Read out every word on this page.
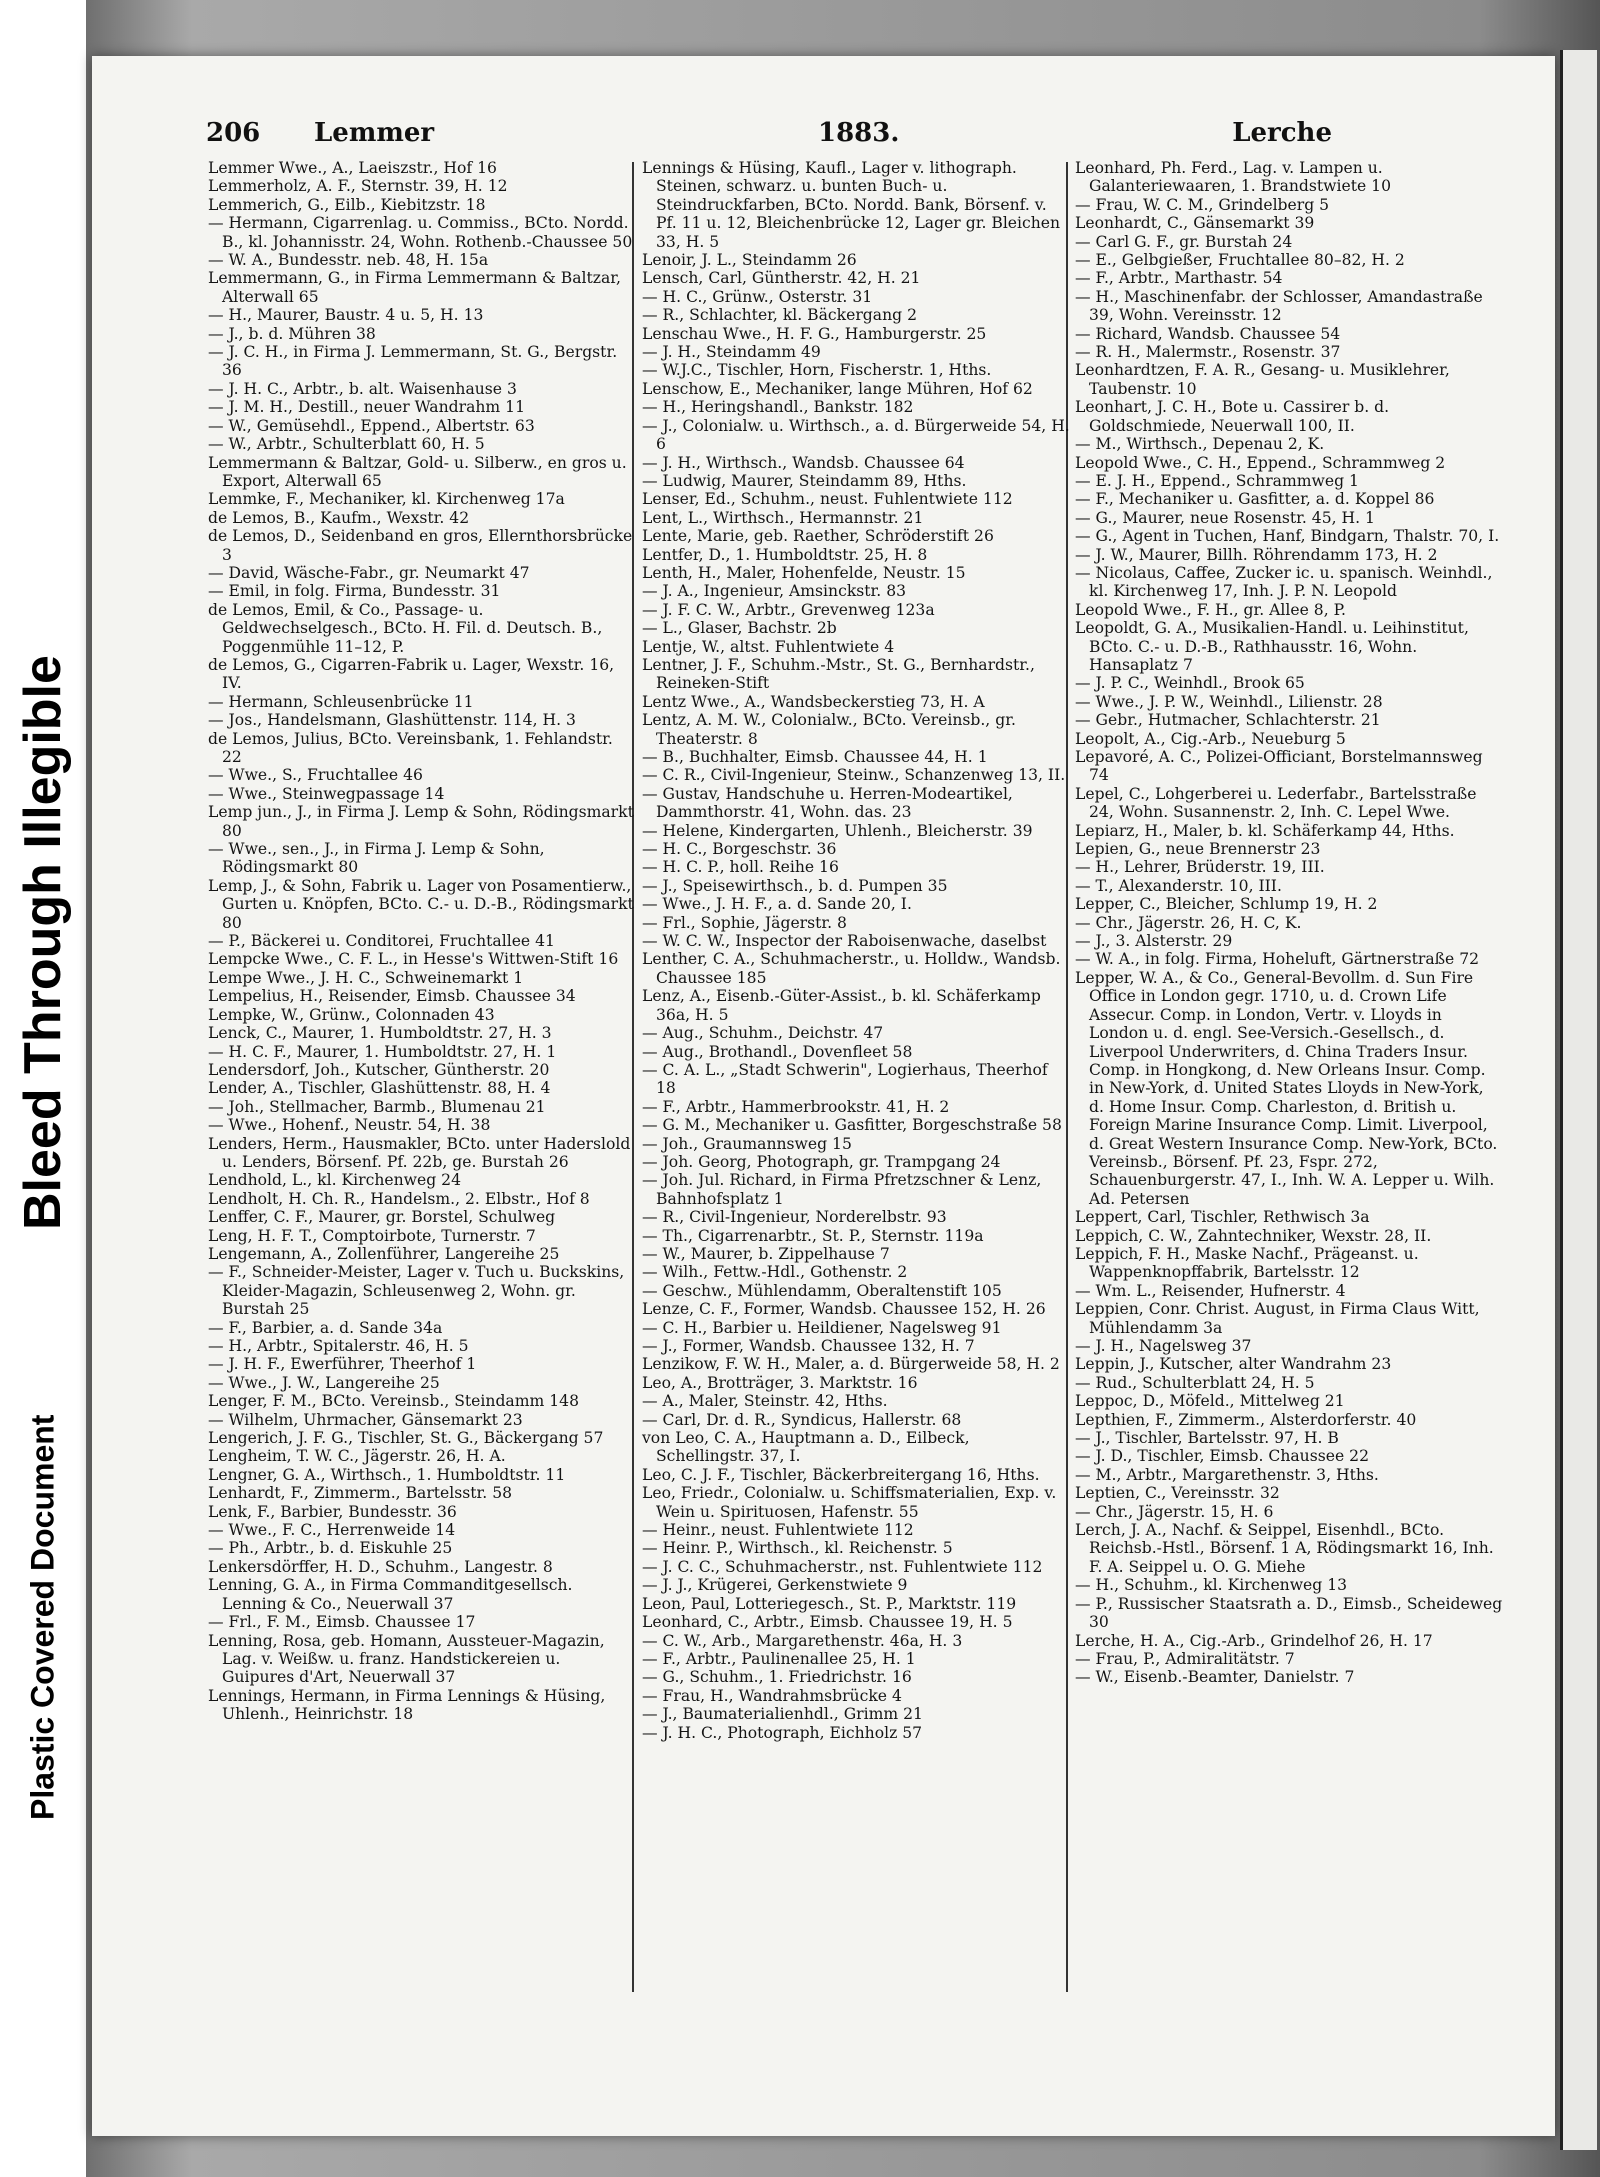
Plastic Covered Document
Bleed Through Illegible
206 Lemmer	1883.	Lerche
Lemmer Wwe., A., Laeiszstr., Hof 16
Lemmerholz, A. F., Sternstr. 39, H. 12
Lemmerich, G., Eilb., Kiebitzstr. 18
— Hermann, Cigarrenlag. u. Commiss., BCto. Nordd. B., kl. Johannisstr. 24, Wohn. Rothenb.-Chaussee 50
— W. A., Bundesstr. neb. 48, H. 15a
Lemmermann, G., in Firma Lemmermann & Baltzar, Alterwall 65
— H., Maurer, Baustr. 4 u. 5, H. 13
— J., b. d. Mühren 38
— J. C. H., in Firma J. Lemmermann, St. G., Bergstr. 36
— J. H. C., Arbtr., b. alt. Waisenhause 3
— J. M. H., Destill., neuer Wandrahm 11
— W., Gemüsehdl., Eppend., Albertstr. 63
— W., Arbtr., Schulterblatt 60, H. 5
Lemmermann & Baltzar, Gold- u. Silberw., en gros u. Export, Alterwall 65
Lemmke, F., Mechaniker, kl. Kirchenweg 17a
de Lemos, B., Kaufm., Wexstr. 42
de Lemos, D., Seidenband en gros, Ellernthorsbrücke 3
— David, Wäsche-Fabr., gr. Neumarkt 47
— Emil, in folg. Firma, Bundesstr. 31
de Lemos, Emil, & Co., Passage- u. Geldwechselgesch., BCto. H. Fil. d. Deutsch. B., Poggenmühle 11–12, P.
de Lemos, G., Cigarren-Fabrik u. Lager, Wexstr. 16, IV.
— Hermann, Schleusenbrücke 11
— Jos., Handelsmann, Glashüttenstr. 114, H. 3
de Lemos, Julius, BCto. Vereinsbank, 1. Fehlandstr. 22
— Wwe., S., Fruchtallee 46
— Wwe., Steinwegpassage 14
Lemp jun., J., in Firma J. Lemp & Sohn, Rödingsmarkt 80
— Wwe., sen., J., in Firma J. Lemp & Sohn, Rödingsmarkt 80
Lemp, J., & Sohn, Fabrik u. Lager von Posamentierw., Gurten u. Knöpfen, BCto. C.- u. D.-B., Rödingsmarkt 80
— P., Bäckerei u. Conditorei, Fruchtallee 41
Lempcke Wwe., C. F. L., in Hesse's Wittwen-Stift 16
Lempe Wwe., J. H. C., Schweinemarkt 1
Lempelius, H., Reisender, Eimsb. Chaussee 34
Lempke, W., Grünw., Colonnaden 43
Lenck, C., Maurer, 1. Humboldtstr. 27, H. 3
— H. C. F., Maurer, 1. Humboldtstr. 27, H. 1
Lendersdorf, Joh., Kutscher, Güntherstr. 20
Lender, A., Tischler, Glashüttenstr. 88, H. 4
— Joh., Stellmacher, Barmb., Blumenau 21
— Wwe., Hohenf., Neustr. 54, H. 38
Lenders, Herm., Hausmakler, BCto. unter Haderslold u. Lenders, Börsenf. Pf. 22b, ge. Burstah 26
Lendhold, L., kl. Kirchenweg 24
Lendholt, H. Ch. R., Handelsm., 2. Elbstr., Hof 8
Lenffer, C. F., Maurer, gr. Borstel, Schulweg
Leng, H. F. T., Comptoirbote, Turnerstr. 7
Lengemann, A., Zollenführer, Langereihe 25
— F., Schneider-Meister, Lager v. Tuch u. Buckskins, Kleider-Magazin, Schleusenweg 2, Wohn. gr. Burstah 25
— F., Barbier, a. d. Sande 34a
— H., Arbtr., Spitalerstr. 46, H. 5
— J. H. F., Ewerführer, Theerhof 1
— Wwe., J. W., Langereihe 25
Lenger, F. M., BCto. Vereinsb., Steindamm 148
— Wilhelm, Uhrmacher, Gänsemarkt 23
Lengerich, J. F. G., Tischler, St. G., Bäckergang 57
Lengheim, T. W. C., Jägerstr. 26, H. A.
Lengner, G. A., Wirthsch., 1. Humboldtstr. 11
Lenhardt, F., Zimmerm., Bartelsstr. 58
Lenk, F., Barbier, Bundesstr. 36
— Wwe., F. C., Herrenweide 14
— Ph., Arbtr., b. d. Eiskuhle 25
Lenkersdörffer, H. D., Schuhm., Langestr. 8
Lenning, G. A., in Firma Commanditgesellsch. Lenning & Co., Neuerwall 37
— Frl., F. M., Eimsb. Chaussee 17
Lenning, Rosa, geb. Homann, Aussteuer-Magazin, Lag. v. Weißw. u. franz. Handstickereien u. Guipures d'Art, Neuerwall 37
Lennings, Hermann, in Firma Lennings & Hüsing, Uhlenh., Heinrichstr. 18
Lennings & Hüsing, Kaufl., Lager v. lithograph. Steinen, schwarz. u. bunten Buch- u. Steindruckfarben, BCto. Nordd. Bank, Börsenf. v. Pf. 11 u. 12, Bleichenbrücke 12, Lager gr. Bleichen 33, H. 5
Lenoir, J. L., Steindamm 26
Lensch, Carl, Güntherstr. 42, H. 21
— H. C., Grünw., Osterstr. 31
— R., Schlachter, kl. Bäckergang 2
Lenschau Wwe., H. F. G., Hamburgerstr. 25
— J. H., Steindamm 49
— W.J.C., Tischler, Horn, Fischerstr. 1, Hths.
Lenschow, E., Mechaniker, lange Mühren, Hof 62
— H., Heringshandl., Bankstr. 182
— J., Colonialw. u. Wirthsch., a. d. Bürgerweide 54, H. 6
— J. H., Wirthsch., Wandsb. Chaussee 64
— Ludwig, Maurer, Steindamm 89, Hths.
Lenser, Ed., Schuhm., neust. Fuhlentwiete 112
Lent, L., Wirthsch., Hermannstr. 21
Lente, Marie, geb. Raether, Schröderstift 26
Lentfer, D., 1. Humboldtstr. 25, H. 8
Lenth, H., Maler, Hohenfelde, Neustr. 15
— J. A., Ingenieur, Amsinckstr. 83
— J. F. C. W., Arbtr., Grevenweg 123a
— L., Glaser, Bachstr. 2b
Lentje, W., altst. Fuhlentwiete 4
Lentner, J. F., Schuhm.-Mstr., St. G., Bernhardstr., Reineken-Stift
Lentz Wwe., A., Wandsbeckerstieg 73, H. A
Lentz, A. M. W., Colonialw., BCto. Vereinsb., gr. Theaterstr. 8
— B., Buchhalter, Eimsb. Chaussee 44, H. 1
— C. R., Civil-Ingenieur, Steinw., Schanzenweg 13, II.
— Gustav, Handschuhe u. Herren-Modeartikel, Dammthorstr. 41, Wohn. das. 23
— Helene, Kindergarten, Uhlenh., Bleicherstr. 39
— H. C., Borgeschstr. 36
— H. C. P., holl. Reihe 16
— J., Speisewirthsch., b. d. Pumpen 35
— Wwe., J. H. F., a. d. Sande 20, I.
— Frl., Sophie, Jägerstr. 8
— W. C. W., Inspector der Raboisenwache, daselbst
Lenther, C. A., Schuhmacherstr., u. Holldw., Wandsb. Chaussee 185
Lenz, A., Eisenb.-Güter-Assist., b. kl. Schäferkamp 36a, H. 5
— Aug., Schuhm., Deichstr. 47
— Aug., Brothandl., Dovenfleet 58
— C. A. L., „Stadt Schwerin", Logierhaus, Theerhof 18
— F., Arbtr., Hammerbrookstr. 41, H. 2
— G. M., Mechaniker u. Gasfitter, Borgeschstraße 58
— Joh., Graumannsweg 15
— Joh. Georg, Photograph, gr. Trampgang 24
— Joh. Jul. Richard, in Firma Pfretzschner & Lenz, Bahnhofsplatz 1
— R., Civil-Ingenieur, Norderelbstr. 93
— Th., Cigarrenarbtr., St. P., Sternstr. 119a
— W., Maurer, b. Zippelhause 7
— Wilh., Fettw.-Hdl., Gothenstr. 2
— Geschw., Mühlendamm, Oberaltenstift 105
Lenze, C. F., Former, Wandsb. Chaussee 152, H. 26
— C. H., Barbier u. Heildiener, Nagelsweg 91
— J., Former, Wandsb. Chaussee 132, H. 7
Lenzikow, F. W. H., Maler, a. d. Bürgerweide 58, H. 2
Leo, A., Brotträger, 3. Marktstr. 16
— A., Maler, Steinstr. 42, Hths.
— Carl, Dr. d. R., Syndicus, Hallerstr. 68
von Leo, C. A., Hauptmann a. D., Eilbeck, Schellingstr. 37, I.
Leo, C. J. F., Tischler, Bäckerbreitergang 16, Hths.
Leo, Friedr., Colonialw. u. Schiffsmaterialien, Exp. v. Wein u. Spirituosen, Hafenstr. 55
— Heinr., neust. Fuhlentwiete 112
— Heinr. P., Wirthsch., kl. Reichenstr. 5
— J. C. C., Schuhmacherstr., nst. Fuhlentwiete 112
— J. J., Krügerei, Gerkenstwiete 9
Leon, Paul, Lotteriegesch., St. P., Marktstr. 119
Leonhard, C., Arbtr., Eimsb. Chaussee 19, H. 5
— C. W., Arb., Margarethenstr. 46a, H. 3
— F., Arbtr., Paulinenallee 25, H. 1
— G., Schuhm., 1. Friedrichstr. 16
— Frau, H., Wandrahmsbrücke 4
— J., Baumaterialienhdl., Grimm 21
— J. H. C., Photograph, Eichholz 57
Leonhard, Ph. Ferd., Lag. v. Lampen u. Galanteriewaaren, 1. Brandstwiete 10
— Frau, W. C. M., Grindelberg 5
Leonhardt, C., Gänsemarkt 39
— Carl G. F., gr. Burstah 24
— E., Gelbgießer, Fruchtallee 80–82, H. 2
— F., Arbtr., Marthastr. 54
— H., Maschinenfabr. der Schlosser, Amandastraße 39, Wohn. Vereinsstr. 12
— Richard, Wandsb. Chaussee 54
— R. H., Malermstr., Rosenstr. 37
Leonhardtzen, F. A. R., Gesang- u. Musiklehrer, Taubenstr. 10
Leonhart, J. C. H., Bote u. Cassirer b. d. Goldschmiede, Neuerwall 100, II.
— M., Wirthsch., Depenau 2, K.
Leopold Wwe., C. H., Eppend., Schrammweg 2
— E. J. H., Eppend., Schrammweg 1
— F., Mechaniker u. Gasfitter, a. d. Koppel 86
— G., Maurer, neue Rosenstr. 45, H. 1
— G., Agent in Tuchen, Hanf, Bindgarn, Thalstr. 70, I.
— J. W., Maurer, Billh. Röhrendamm 173, H. 2
— Nicolaus, Caffee, Zucker ic. u. spanisch. Weinhdl., kl. Kirchenweg 17, Inh. J. P. N. Leopold
Leopold Wwe., F. H., gr. Allee 8, P.
Leopoldt, G. A., Musikalien-Handl. u. Leihinstitut, BCto. C.- u. D.-B., Rathhausstr. 16, Wohn. Hansaplatz 7
— J. P. C., Weinhdl., Brook 65
— Wwe., J. P. W., Weinhdl., Lilienstr. 28
— Gebr., Hutmacher, Schlachterstr. 21
Leopolt, A., Cig.-Arb., Neueburg 5
Lepavoré, A. C., Polizei-Officiant, Borstelmannsweg 74
Lepel, C., Lohgerberei u. Lederfabr., Bartelsstraße 24, Wohn. Susannenstr. 2, Inh. C. Lepel Wwe.
Lepiarz, H., Maler, b. kl. Schäferkamp 44, Hths.
Lepien, G., neue Brennerstr 23
— H., Lehrer, Brüderstr. 19, III.
— T., Alexanderstr. 10, III.
Lepper, C., Bleicher, Schlump 19, H. 2
— Chr., Jägerstr. 26, H. C, K.
— J., 3. Alsterstr. 29
— W. A., in folg. Firma, Hoheluft, Gärtnerstraße 72
Lepper, W. A., & Co., General-Bevollm. d. Sun Fire Office in London gegr. 1710, u. d. Crown Life Assecur. Comp. in London, Vertr. v. Lloyds in London u. d. engl. See-Versich.-Gesellsch., d. Liverpool Underwriters, d. China Traders Insur. Comp. in Hongkong, d. New Orleans Insur. Comp. in New-York, d. United States Lloyds in New-York, d. Home Insur. Comp. Charleston, d. British u. Foreign Marine Insurance Comp. Limit. Liverpool, d. Great Western Insurance Comp. New-York, BCto. Vereinsb., Börsenf. Pf. 23, Fspr. 272, Schauenburgerstr. 47, I., Inh. W. A. Lepper u. Wilh. Ad. Petersen
Leppert, Carl, Tischler, Rethwisch 3a
Leppich, C. W., Zahntechniker, Wexstr. 28, II.
Leppich, F. H., Maske Nachf., Prägeanst. u. Wappenknopffabrik, Bartelsstr. 12
— Wm. L., Reisender, Hufnerstr. 4
Leppien, Conr. Christ. August, in Firma Claus Witt, Mühlendamm 3a
— J. H., Nagelsweg 37
Leppin, J., Kutscher, alter Wandrahm 23
— Rud., Schulterblatt 24, H. 5
Leppoc, D., Möfeld., Mittelweg 21
Lepthien, F., Zimmerm., Alsterdorferstr. 40
— J., Tischler, Bartelsstr. 97, H. B
— J. D., Tischler, Eimsb. Chaussee 22
— M., Arbtr., Margarethenstr. 3, Hths.
Leptien, C., Vereinsstr. 32
— Chr., Jägerstr. 15, H. 6
Lerch, J. A., Nachf. & Seippel, Eisenhdl., BCto. Reichsb.-Hstl., Börsenf. 1 A, Rödingsmarkt 16, Inh. F. A. Seippel u. O. G. Miehe
— H., Schuhm., kl. Kirchenweg 13
— P., Russischer Staatsrath a. D., Eimsb., Scheideweg 30
Lerche, H. A., Cig.-Arb., Grindelhof 26, H. 17
— Frau, P., Admiralitätstr. 7
— W., Eisenb.-Beamter, Danielstr. 7
